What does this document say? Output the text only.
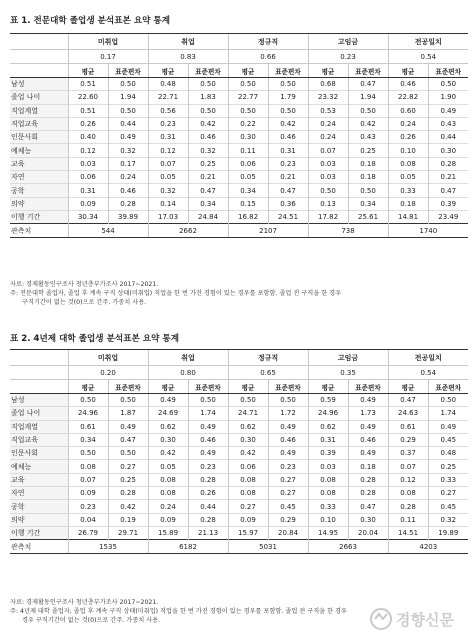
표 1. 전문대학 졸업생 분석표본 요약 통계
	미취업		취업		정규직		고임금		전공일치	
	0.17		0.83		0.66		0.23		0.54	
	평균	표준편차	평균	표준편차	평균	표준편차	평균	표준편차	평균	표준편차
남성	0.51	0.50	0.48	0.50	0.50	0.50	0.68	0.47	0.46	0.50
졸업 나이	22.60	1.94	22.71	1.83	22.77	1.79	23.32	1.94	22.82	1.90
직업계열	0.51	0.50	0.56	0.50	0.50	0.50	0.53	0.50	0.60	0.49
직업교육	0.26	0.44	0.23	0.42	0.22	0.42	0.24	0.42	0.24	0.43
인문사회	0.40	0.49	0.31	0.46	0.30	0.46	0.24	0.43	0.26	0.44
예체능	0.12	0.32	0.12	0.32	0.11	0.31	0.07	0.25	0.10	0.30
교육	0.03	0.17	0.07	0.25	0.06	0.23	0.03	0.18	0.08	0.28
자연	0.06	0.24	0.05	0.21	0.05	0.21	0.03	0.18	0.05	0.21
공학	0.31	0.46	0.32	0.47	0.34	0.47	0.50	0.50	0.33	0.47
의약	0.09	0.28	0.14	0.34	0.15	0.36	0.13	0.34	0.18	0.39
이행 기간	30.34	39.89	17.03	24.84	16.82	24.51	17.82	25.61	14.81	23.49
관측치	544		2662		2107		738		1740	
자료: 경제활동인구조사 청년층부가조사 2017~2021.
주: 전문대학 졸업자, 졸업 후 계속 구직 상태(미취업) 직업을 한 번 가진 경험이 있는 경우를 포함함. 졸업 전 구직을 한 경우
구직기간이 없는 것(0)으로 간주. 가중치 사용.
표 2. 4년제 대학 졸업생 분석표본 요약 통계
	미취업		취업		정규직		고임금		전공일치	
	0.20		0.80		0.65		0.35		0.54	
	평균	표준편차	평균	표준편차	평균	표준편차	평균	표준편차	평균	표준편차
남성	0.50	0.50	0.49	0.50	0.50	0.50	0.59	0.49	0.47	0.50
졸업 나이	24.96	1.87	24.69	1.74	24.71	1.72	24.96	1.73	24.63	1.74
직업계열	0.61	0.49	0.62	0.49	0.62	0.49	0.62	0.49	0.61	0.49
직업교육	0.34	0.47	0.30	0.46	0.30	0.46	0.31	0.46	0.29	0.45
인문사회	0.50	0.50	0.42	0.49	0.42	0.49	0.39	0.49	0.37	0.48
예체능	0.08	0.27	0.05	0.23	0.06	0.23	0.03	0.18	0.07	0.25
교육	0.07	0.25	0.08	0.28	0.08	0.27	0.08	0.28	0.12	0.33
자연	0.09	0.28	0.08	0.26	0.08	0.27	0.08	0.28	0.08	0.27
공학	0.23	0.42	0.24	0.44	0.27	0.45	0.33	0.47	0.28	0.45
의약	0.04	0.19	0.09	0.28	0.09	0.29	0.10	0.30	0.11	0.32
이행 기간	26.79	29.71	15.89	21.13	15.97	20.84	14.95	20.04	14.51	19.89
관측치	1535		6182		5031		2663		4203	
자료: 경제활동인구조사 청년층부가조사 2017~2021.
주: 4년제 대학 졸업자, 졸업 후 계속 구직 상태(미취업) 직업을 한 번 가진 경험이 있는 경우를 포함함. 졸업 전 구직을 한 경우
경우 구직기간이 없는 것(0)으로 간주. 가중치 사용.	경향신문
